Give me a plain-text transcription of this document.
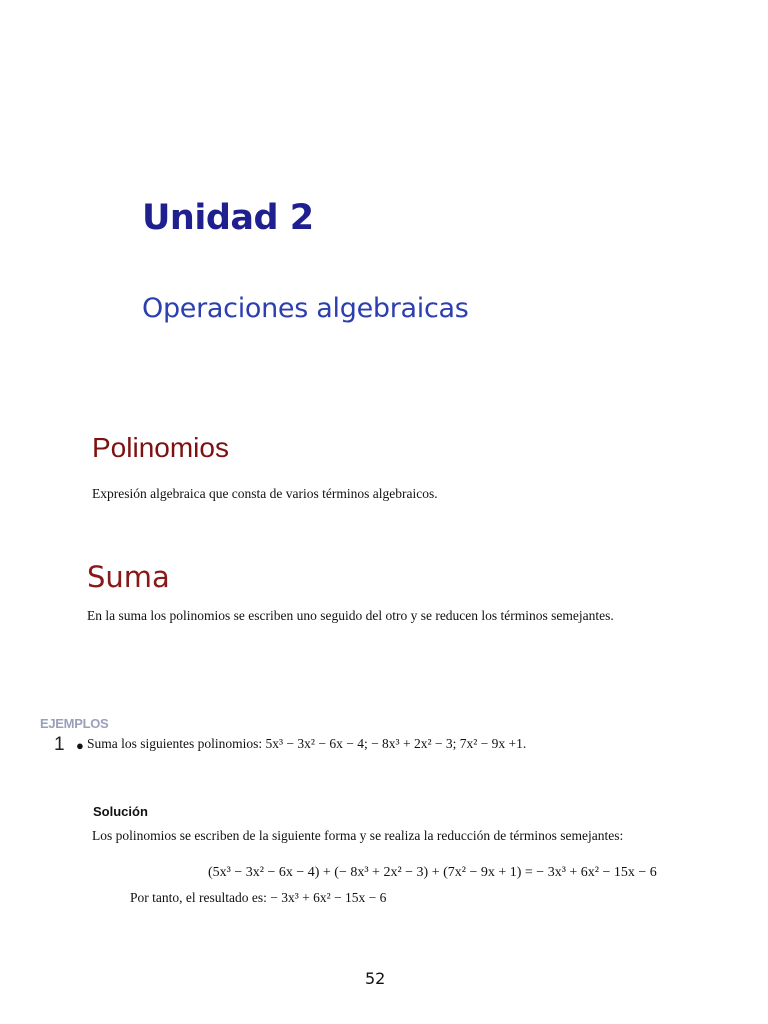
Unidad 2
Operaciones algebraicas
Polinomios
Expresión algebraica que consta de varios términos algebraicos.
Suma
En la suma los polinomios se escriben uno seguido del otro y se reducen los términos semejantes.
EJEMPLOS
1 ● Suma los siguientes polinomios: 5x³ − 3x² − 6x − 4; − 8x³ + 2x² − 3; 7x² − 9x +1.
Solución
Los polinomios se escriben de la siguiente forma y se realiza la reducción de términos semejantes:
(5x³ − 3x² − 6x − 4) + (− 8x³ + 2x² − 3) + (7x² − 9x + 1) = − 3x³ + 6x² − 15x − 6
Por tanto, el resultado es: − 3x³ + 6x² − 15x − 6
52
